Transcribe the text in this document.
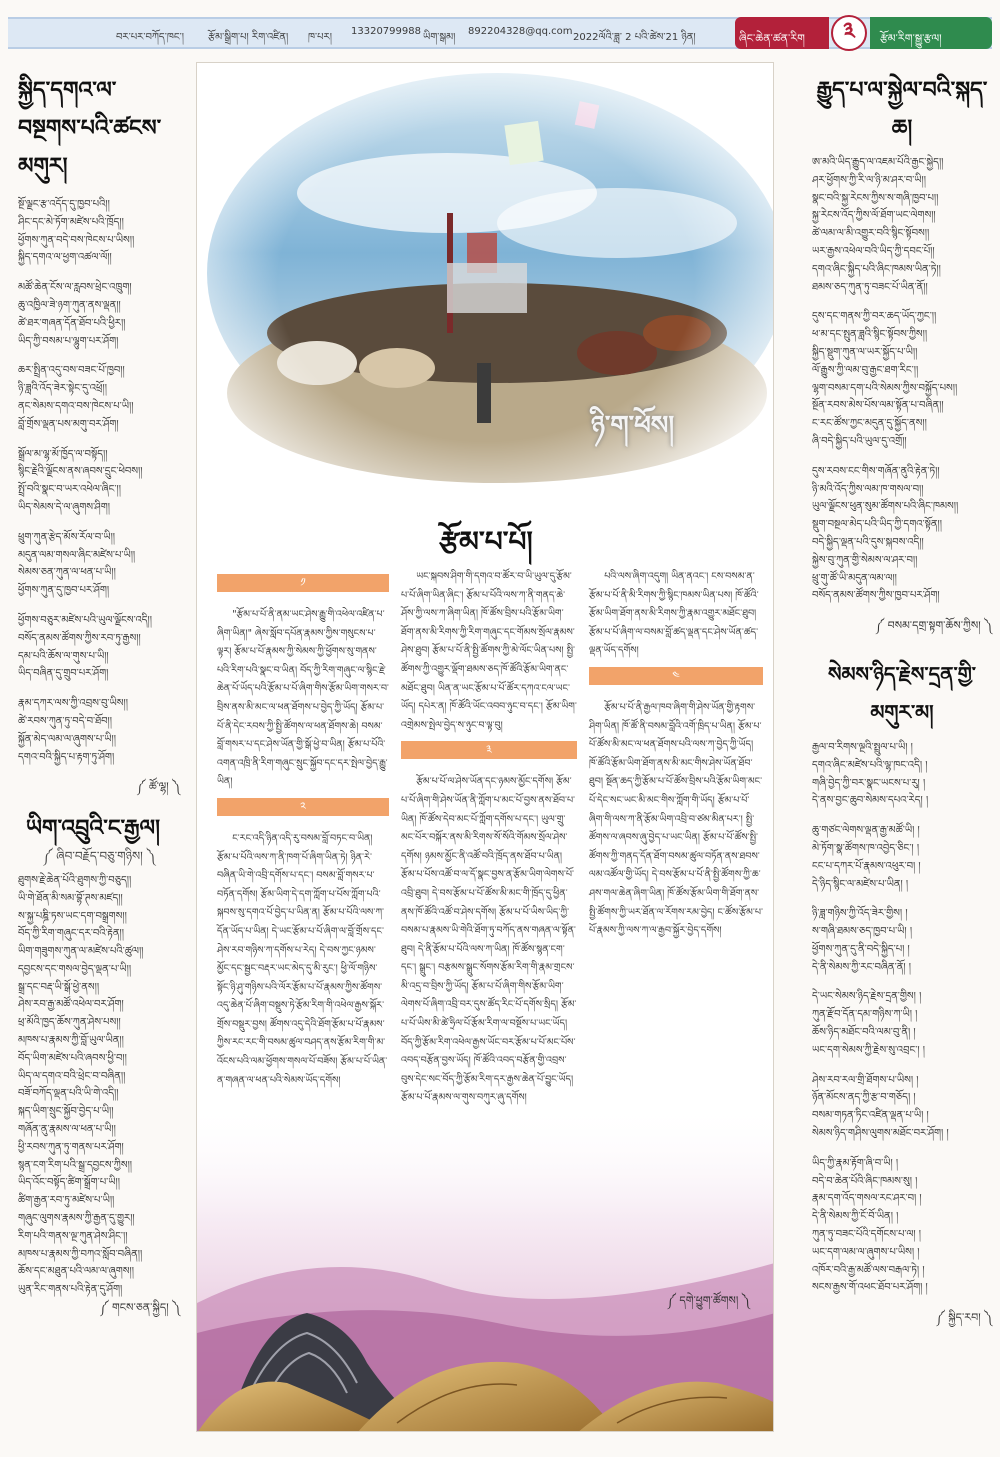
བར་པར་བཀོད་ཁང་། རྩོམ་སྒྲིག་པ། རིག་འཛིན། ཁ་པར།
13320799988
ཡིག་སྒམ།
892204328@qq.com
2022ལོའི་ཟླ་ 2 པའི་ཚེས་21 ཉིན།	ཞིང་ཆེན་ཚན་རིག	༣	རྩོམ་རིག་སྒྱུ་རྩལ།
སྐྱིད་དགའ་ལ་བསྔགས་པའི་ཚངས་མགུར།
སྔོ་ལྗང་རྩ་འདོད་དུ་ཁྱབ་པའི།།
ཤིང་དང་མེ་ཏོག་མཛེས་པའི་ཁྲོད།།
ཕྱོགས་ཀུན་བདེ་བས་ཁེངས་པ་ཡིས།།
སྐྱིད་དགའ་ལ་ཕྱག་འཚལ་ལོ།།
མཚོ་ཆེན་ངོས་ལ་རླབས་ཕྲེང་འཁྲུག།
ཆུ་འཁྱིལ་ཟེ་ཉག་ཀུན་ནས་ལྡན།།
ཚེ་ཐར་གཞན་དོན་ཐོབ་པའི་ཕྱིར།།
ཡིད་ཀྱི་བསམ་པ་ལྷུག་པར་ཤོག།
ཆར་སྤྲིན་འདུ་བས་བཟང་པོ་ཁྱབ།།
ཉི་ཟླའི་འོད་ཟེར་སྟེང་དུ་འཕྲོ།།
ནང་སེམས་དགའ་བས་ཁེངས་པ་ཡི།།
བློ་གྲོས་ལྡན་པས་མགུ་བར་ཤོག།
སྒྲོལ་མ་ལྷ་མོ་ཁྱོད་ལ་བསྟོད།།
སྙིང་རྗེའི་ལྗོངས་ནས་ཞབས་དྲུང་ཕེབས།།
སྤྲོ་བའི་སྣང་བ་ཡར་འཕེལ་ཞིང་།།
ཡིད་སེམས་དེ་ལ་ཞུགས་ཤིག།
ཕྲུག་ཀུན་རྩེད་མོས་རོལ་བ་ཡི།།
མདུན་ལམ་གསལ་ཞིང་མཛེས་པ་ཡི།།
སེམས་ཅན་ཀུན་ལ་ཕན་པ་ཡི།།
ཕྱོགས་ཀུན་དུ་ཁྱབ་པར་ཤོག།
ཕྱོགས་བཅུར་མཛེས་པའི་ཡུལ་ལྗོངས་འདི།།
བསོད་ནམས་ཚོགས་ཀྱིས་རབ་ཏུ་རྒྱས།།
དམ་པའི་ཆོས་ལ་གུས་པ་ཡི།།
ཡིད་བཞིན་དུ་གྲུབ་པར་ཤོག།
རྣམ་དཀར་ལས་ཀྱི་འབྲས་བུ་ཡིས།།
ཚེ་རབས་ཀུན་ཏུ་བདེ་བ་ཐོབ།།
སྐྱོན་མེད་ལམ་ལ་ཞུགས་པ་ཡི།།
དགའ་བའི་སྐྱིད་པ་རྟག་ཏུ་ཤོག།
༼ ཚོ་ལྷ། ༽
ཡིག་འབྲུའི་ང་རྒྱལ།
༼ ཞིབ་བརྗོད་བཅུ་གཉིས། ༽
ཐུགས་རྗེ་ཆེན་པོའི་ཐུགས་ཀྱི་བཅུད།།
ཡི་གེ་ཐོན་མི་སམ་བྷོ་ཊས་མཛད།།
ས་སྐྱ་པཎྜི་ཏས་ཡང་དག་བསྒྲགས།།
བོད་ཀྱི་རིག་གཞུང་དར་བའི་རྟེན།།
ཡིག་གཟུགས་ཀུན་ལ་མཛེས་པའི་ཚུལ།།
དབྱངས་དང་གསལ་བྱེད་ལྡན་པ་ཡི།།
སྒྲ་དང་བརྡ་ཡི་སྒོ་ཕྱེ་ནས།།
ཤེས་རབ་རྒྱ་མཚོ་འཕེལ་བར་ཤོག།
ཕྲ་མོའི་ཁྱད་ཆོས་ཀུན་ཤེས་པས།།
མཁས་པ་རྣམས་ཀྱི་བློ་ཡུལ་ཡིན།།
བོད་ཡིག་མཛེས་པའི་ཞབས་ཕྱི་བ།།
ཡིད་ལ་དགའ་བའི་ཕྲེང་བ་བཞིན།།
བཟོ་བཀོད་ལྡན་པའི་ཡི་གེ་འདི།།
སྐད་ཡིག་སྲུང་སྐྱོབ་བྱེད་པ་ཡི།།
གཞོན་ནུ་རྣམས་ལ་ཕན་པ་ཡི།།
ཕྱི་རབས་ཀུན་ཏུ་གནས་པར་ཤོག།
སྙན་ངག་རིག་པའི་སྒྲ་དབྱངས་ཀྱིས།།
ཡིད་འོང་བསྟོད་ཚིག་སྒྲོག་པ་ཡི།།
ཚིག་རྒྱན་རབ་ཏུ་མཛེས་པ་ཡི།།
གཞུང་ལུགས་རྣམས་ཀྱི་རྒྱན་དུ་གྱུར།།
རིག་པའི་གནས་ལྔ་ཀུན་ཤེས་ཤིང་།།
མཁས་པ་རྣམས་ཀྱི་བཀའ་སློབ་བཞིན།།
ཆོས་དང་མཐུན་པའི་ལམ་ལ་ཞུགས།།
ཡུན་རིང་གནས་པའི་རྟེན་དུ་ཤོག།
༼ གངས་ཅན་སྐྱིད། ༽
ཉི་ག་ཕོས།
རྩོམ་པ་པོ།
༡

"རྩོམ་པ་པོ་ནི་ནམ་ཡང་ཤེས་རྒྱུ་གི་འཕེལ་འཛིན་པ་ཞིག་ཡིན།" ཞེས་སློབ་དཔོན་རྣམས་ཀྱིས་གསུངས་པ་ལྟར། རྩོམ་པ་པོ་རྣམས་ཀྱི་སེམས་ཀྱི་ཕྱོགས་སུ་གནས་པའི་རིག་པའི་སྣང་བ་ཡིན། བོད་ཀྱི་རིག་གཞུང་ལ་སྙིང་རྗེ་ཆེན་པོ་ཡོད་པའི་རྩོམ་པ་པོ་ཞིག་གིས་རྩོམ་ཡིག་གསར་བ་བྲིས་ནས་མི་མང་ལ་ཕན་ཐོགས་པ་བྱེད་ཀྱི་ཡོད། རྩོམ་པ་པོ་ནི་དེང་རབས་ཀྱི་སྤྱི་ཚོགས་ལ་ཕན་ཐོགས་ཆེ། བསམ་བློ་གསར་པ་དང་ཤེས་ཡོན་གྱི་སྒོ་ཕྱེ་བ་ཡིན། རྩོམ་པ་པོའི་འགན་འཁྲི་ནི་རིག་གཞུང་སྲུང་སྐྱོབ་དང་དར་སྤེལ་བྱེད་རྒྱུ་ཡིན།

༢

ང་རང་འདི་ཉིན་འདི་རུ་བསམ་བློ་བཏང་བ་ཡིན། རྩོམ་པ་པོའི་ལས་ཀ་ནི་ཁག་པོ་ཞིག་ཡིན་ཏེ། ཉིན་རེ་བཞིན་ཡི་གེ་འབྲི་དགོས་པ་དང་། བསམ་བློ་གསར་པ་བཏོན་དགོས། རྩོམ་ཡིག་དེ་དག་ཀློག་པ་པོས་ཀློག་པའི་སྐབས་སུ་དགའ་པོ་བྱེད་པ་ཡིན་ན། རྩོམ་པ་པོའི་ལས་ཀ་དོན་ཡོད་པ་ཡིན། དེ་ཡང་རྩོམ་པ་པོ་ཞིག་ལ་བློ་གྲོས་དང་ཤེས་རབ་གཉིས་ཀ་དགོས་པ་རེད། དེ་བས་ཀྱང་ཉམས་མྱོང་དང་སྦྱང་བརྡར་ཡང་མེད་དུ་མི་རུང་། ཕྱི་ལོ་གཉིས་སྟོང་ཉི་ཤུ་གཉིས་པའི་ལོར་རྩོམ་པ་པོ་རྣམས་ཀྱིས་ཚོགས་འདུ་ཆེན་པོ་ཞིག་བསྡུས་ཏེ་རྩོམ་རིག་གི་འཕེལ་རྒྱས་སྐོར་གྲོས་བསྡུར་བྱས། ཚོགས་འདུ་དེའི་ཐོག་རྩོམ་པ་པོ་རྣམས་ཀྱིས་རང་རང་གི་བསམ་ཚུལ་བཤད་ནས་རྩོམ་རིག་གི་མ་འོངས་པའི་ལམ་ཕྱོགས་གསལ་པོ་བཟོས། རྩོམ་པ་པོ་ཡིན་ན་གཞན་ལ་ཕན་པའི་སེམས་ཡོད་དགོས།

ཡང་སྐབས་ཤིག་གི་དགའ་བ་ཚོར་བ་ཡི་ཡུལ་དུ་རྩོམ་པ་པོ་ཞིག་ཡིན་ཞིང་། རྩོམ་པ་པོའི་ལས་ཀ་ནི་གནད་ཆེ་ཤོས་ཀྱི་ལས་ཀ་ཞིག་ཡིན། ཁོ་ཚོས་བྲིས་པའི་རྩོམ་ཡིག་ཐོག་ནས་མི་རིགས་ཀྱི་རིག་གཞུང་དང་གོམས་སྲོལ་རྣམས་ཤེས་ཐུབ། རྩོམ་པ་པོ་ནི་སྤྱི་ཚོགས་ཀྱི་མེ་ལོང་ཡིན་པས། སྤྱི་ཚོགས་ཀྱི་འགྱུར་ལྡོག་ཐམས་ཅད་ཁོ་ཚོའི་རྩོམ་ཡིག་ནང་མཐོང་ཐུབ། ཡིན་ན་ཡང་རྩོམ་པ་པོ་ཚོར་དཀའ་ངལ་ཡང་ཡོད། དཔེར་ན། ཁོ་ཚོའི་ཡོང་འབབ་ཉུང་བ་དང་། རྩོམ་ཡིག་འགྲེམས་སྤེལ་བྱེད་ས་ཉུང་བ་ལྟ་བུ།

༣

རྩོམ་པ་པོ་ལ་ཤེས་ཡོན་དང་ཉམས་མྱོང་དགོས། རྩོམ་པ་པོ་ཞིག་གི་ཤེས་ཡོན་ནི་ཀློག་པ་མང་པོ་བྱས་ནས་ཐོབ་པ་ཡིན། ཁོ་ཚོས་དེབ་མང་པོ་ཀློག་དགོས་པ་དང་། ཡུལ་གྲུ་མང་པོར་བསྐོར་ནས་མི་རིགས་སོ་སོའི་གོམས་སྲོལ་ཤེས་དགོས། ཉམས་མྱོང་ནི་འཚོ་བའི་ཁྲོད་ནས་ཐོབ་པ་ཡིན། རྩོམ་པ་པོས་འཚོ་བ་ལ་དོ་སྣང་བྱས་ན་རྩོམ་ཡིག་ལེགས་པོ་འབྲི་ཐུབ། དེ་བས་རྩོམ་པ་པོ་ཚོས་མི་མང་གི་ཁྲོད་དུ་ཕྱིན་ནས་ཁོ་ཚོའི་འཚོ་བ་ཤེས་དགོས། རྩོམ་པ་པོ་ཡིས་ཡིད་ཀྱི་བསམ་པ་རྣམས་ཡི་གེའི་ཐོག་ཏུ་བཀོད་ནས་གཞན་ལ་སྟོན་ཐུབ། དེ་ནི་རྩོམ་པ་པོའི་ལས་ཀ་ཡིན། ཁོ་ཚོས་སྙན་ངག་དང་། སྒྲུང་། བརྩམས་སྒྲུང་སོགས་རྩོམ་རིག་གི་རྣམ་གྲངས་མི་འདྲ་བ་བྲིས་ཀྱི་ཡོད། རྩོམ་པ་པོ་ཞིག་གིས་རྩོམ་ཡིག་ལེགས་པོ་ཞིག་འབྲི་བར་དུས་ཚོད་རིང་པོ་དགོས་སྲིད། རྩོམ་པ་པོ་ཡིས་མི་ཚེ་ཧྲིལ་པོ་རྩོམ་རིག་ལ་བསྔོས་པ་ཡང་ཡོད། བོད་ཀྱི་རྩོམ་རིག་འཕེལ་རྒྱས་ཡོང་བར་རྩོམ་པ་པོ་མང་པོས་འབད་བརྩོན་བྱས་ཡོད། ཁོ་ཚོའི་འབད་བརྩོན་གྱི་འབྲས་བུས་དེང་སང་བོད་ཀྱི་རྩོམ་རིག་དར་རྒྱས་ཆེན་པོ་བྱུང་ཡོད། རྩོམ་པ་པོ་རྣམས་ལ་གུས་བཀུར་ཞུ་དགོས།

པའི་ལས་ཞིག་འདུག། ཡིན་ནའང་། ངས་བསམ་ན་རྩོམ་པ་པོ་ནི་མི་རིགས་ཀྱི་སྙིང་ཁམས་ཡིན་པས། ཁོ་ཚོའི་རྩོམ་ཡིག་ཐོག་ནས་མི་རིགས་ཀྱི་རྣམ་འགྱུར་མཐོང་ཐུབ། རྩོམ་པ་པོ་ཞིག་ལ་བསམ་བློ་ཚད་ལྡན་དང་ཤེས་ཡོན་ཚད་ལྡན་ཡོད་དགོས།

༤

རྩོམ་པ་པོ་ནི་རྒྱལ་ཁབ་ཞིག་གི་ཤེས་ཡོན་གྱི་རྟགས་ཤིག་ཡིན། ཁོ་ཚོ་ནི་བསམ་བློའི་འགོ་ཁྲིད་པ་ཡིན། རྩོམ་པ་པོ་ཚོས་མི་མང་ལ་ཕན་ཐོགས་པའི་ལས་ཀ་བྱེད་ཀྱི་ཡོད། ཁོ་ཚོའི་རྩོམ་ཡིག་ཐོག་ནས་མི་མང་གིས་ཤེས་ཡོན་ཐོབ་ཐུབ། སྔོན་ཆད་ཀྱི་རྩོམ་པ་པོ་ཚོས་བྲིས་པའི་རྩོམ་ཡིག་མང་པོ་དེང་སང་ཡང་མི་མང་གིས་ཀློག་གི་ཡོད། རྩོམ་པ་པོ་ཞིག་གི་ལས་ཀ་ནི་རྩོམ་ཡིག་འབྲི་བ་ཙམ་མིན་པར་། སྤྱི་ཚོགས་ལ་ཞབས་ཞུ་བྱེད་པ་ཡང་ཡིན། རྩོམ་པ་པོ་ཚོས་སྤྱི་ཚོགས་ཀྱི་གནད་དོན་ཐོག་བསམ་ཚུལ་བཏོན་ནས་ཐབས་ལམ་འཚོལ་གྱི་ཡོད། དེ་བས་རྩོམ་པ་པོ་ནི་སྤྱི་ཚོགས་ཀྱི་ཆ་ཤས་གལ་ཆེན་ཞིག་ཡིན། ཁོ་ཚོས་རྩོམ་ཡིག་གི་ཐོག་ནས་སྤྱི་ཚོགས་ཀྱི་ཡར་ཐོན་ལ་རོགས་རམ་བྱེད། ང་ཚོས་རྩོམ་པ་པོ་རྣམས་ཀྱི་ལས་ཀ་ལ་རྒྱབ་སྐྱོར་བྱེད་དགོས།

༼ དགེ་ཕྱུག་ཚོགས། ༽
རྒྱུད་པ་ལ་སྐྱེལ་བའི་སྐད་ཆ།
ཨ་མའི་ཡིད་རྒྱུད་ལ་འཇམ་པོའི་རྒྱང་སྐྱེད།།
ཤར་ཕྱོགས་ཀྱི་རི་ལ་ཉི་མ་ཤར་བ་ཡི།།
སྣང་བའི་སྐྱ་རེངས་ཀྱིས་ས་གཞི་ཁྱབ་པ།།
སྐྱ་རེངས་འོད་ཀྱིས་ལོ་ཐོག་ཡང་ལེགས།།
ཚེ་ལམ་ལ་མི་འགྱུར་བའི་སྙིང་སྟོབས།།
ཡར་རྒྱས་འཕེལ་བའི་ཡིད་ཀྱི་དབང་པོ།།
དགའ་ཞིང་སྐྱིད་པའི་ཞིང་ཁམས་ཡིན་ཏེ།།
ཐམས་ཅད་ཀུན་ཏུ་བཟང་པོ་ཡིན་ནོ།།
དུས་དང་གནས་ཀྱི་བར་ཆད་ཡོད་ཀྱང་།།
ཕ་མ་དང་སྤུན་ཟླའི་སྙིང་སྟོབས་ཀྱིས།།
སྐྱིད་སྡུག་ཀུན་ལ་ཡར་སྐྱོད་པ་ཡི།།
ལོ་རྒྱུས་ཀྱི་ལམ་བུ་རྒྱང་ཐག་རིང་།།
ལྷག་བསམ་དག་པའི་སེམས་ཀྱིས་བསྐྱོད་པས།།
སྔོན་རབས་མེས་པོས་ལམ་སྟོན་པ་བཞིན།།
ང་རང་ཚོས་ཀྱང་མདུན་དུ་སྐྱོད་ནས།།
ཞི་བདེ་སྐྱིད་པའི་ཡུལ་དུ་འགྲོ།།
དུས་རབས་ངང་གིས་གཞོན་ནུའི་རྟེན་ཏེ།།
ཉི་མའི་འོད་ཀྱིས་ལམ་ཁ་གསལ་བ།།
ཡུལ་ལྗོངས་ཕུན་སུམ་ཚོགས་པའི་ཞིང་ཁམས།།
སྡུག་བསྔལ་མེད་པའི་ཡིད་ཀྱི་དགའ་སྟོན།།
བདེ་སྐྱིད་ལྡན་པའི་དུས་སྐབས་འདི།།
སྐྱེས་བུ་ཀུན་གྱི་སེམས་ལ་ཤར་བ།།
ཕྲུ་གུ་ཚོ་ཡི་མདུན་ལམ་ལ།།
བསོད་ནམས་ཚོགས་ཀྱིས་ཁྱབ་པར་ཤོག།
༼ བསམ་དགྲ་སྟག་ཆོས་ཀྱིས། ༽
སེམས་ཉིད་རྗེས་དྲན་གྱི་མགུར་མ།
རྒྱལ་བ་རིགས་ལྔའི་སྤྲུལ་པ་ཡི། །
དགའ་ཞིང་མཛེས་པའི་ལྷ་ཁང་འདི། །
གཞི་བྱེད་ཀྱི་བར་སྣང་ཡངས་པ་རུ། །
དེ་ནས་བྱང་ཆུབ་སེམས་དཔའ་རེད། །
ཆུ་གཙང་ལེགས་ལྡན་རྒྱ་མཚོ་ཡི། །
མེ་ཏོག་སྣ་ཚོགས་ཁ་འབྱེད་ཅིང་། །
ངང་པ་དཀར་པོ་རྣམས་འཕུར་བ། །
དེ་ཉིད་སྙིང་ལ་མཛེས་པ་ཡིན། །
ཉི་ཟླ་གཉིས་ཀྱི་འོད་ཟེར་གྱིས། །
ས་གཞི་ཐམས་ཅད་ཁྱབ་པ་ཡི། །
ཕྱོགས་ཀུན་དུ་ནི་བདེ་སྐྱིད་པ། །
དེ་ནི་སེམས་ཀྱི་རང་བཞིན་ནོ། །
དེ་ཡང་སེམས་ཉིད་རྗེས་དྲན་གྱིས། །
ཀུན་རྫོབ་དོན་དམ་གཉིས་ཀ་ཡི། །
ཆོས་ཉིད་མཐོང་བའི་ལམ་བུ་ནི། །
ཡང་དག་སེམས་ཀྱི་རྗེས་སུ་འབྲང་། །
ཤེས་རབ་རལ་གྲི་ཐོགས་པ་ཡིས། །
ཉོན་མོངས་ནད་ཀྱི་རྩ་བ་གཅོད། །
བསམ་གཏན་ཏིང་འཛིན་ལྡན་པ་ཡི། །
སེམས་ཉིད་གཤིས་ལུགས་མཐོང་བར་ཤོག། །
ཡིད་ཀྱི་རྣམ་རྟོག་ཞི་བ་ཡི། །
བདེ་བ་ཆེན་པོའི་ཞིང་ཁམས་སུ། །
རྣམ་དག་འོད་གསལ་རང་ཤར་བ། །
དེ་ནི་སེམས་ཀྱི་ངོ་བོ་ཡིན། །
ཀུན་ཏུ་བཟང་པོའི་དགོངས་པ་ལ། །
ཡང་དག་ལམ་ལ་ཞུགས་པ་ཡིས། །
འཁོར་བའི་རྒྱ་མཚོ་ལས་བརྒལ་ཏེ། །
སངས་རྒྱས་གོ་འཕང་ཐོབ་པར་ཤོག། །
༼ སྐྱིད་རབ། ༽
